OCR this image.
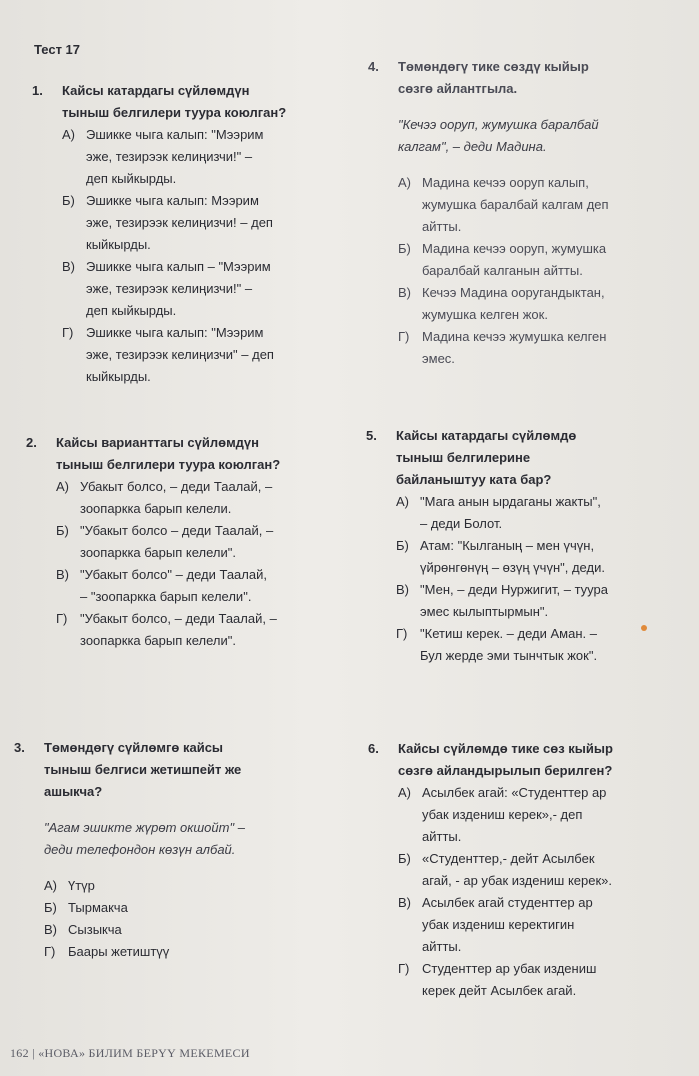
Тест 17
1. Кайсы катардагы сүйлөмдүн
тыныш белгилери туура коюлган?
А) Эшикке чыга калып: "Мээрим
эже, тезирээк келиңизчи!" –
деп кыйкырды.
Б) Эшикке чыга калып: Мээрим
эже, тезирээк келиңизчи! – деп
кыйкырды.
В) Эшикке чыга калып – "Мээрим
эже, тезирээк келиңизчи!" –
деп кыйкырды.
Г) Эшикке чыга калып: "Мээрим
эже, тезирээк келиңизчи" – деп
кыйкырды.
2. Кайсы варианттагы сүйлөмдүн
тыныш белгилери туура коюлган?
А) Убакыт болсо, – деди Таалай, –
зоопаркка барып келели.
Б) "Убакыт болсо – деди Таалай, –
зоопаркка барып келели".
В) "Убакыт болсо" – деди Таалай,
– "зоопаркка барып келели".
Г) "Убакыт болсо, – деди Таалай, –
зоопаркка барып келели".
3. Төмөндөгү сүйлөмгө кайсы
тыныш белгиси жетишпейт же
ашыкча?
"Агам эшикте жүрөт окшойт" –
деди телефондон көзүн албай.
А) Үтүр
Б) Тырмакча
В) Сызыкча
Г) Баары жетиштүү
4. Төмөндөгү тике сөздү кыйыр
сөзгө айлантгыла.
"Кечээ ооруп, жумушка баралбай
калгам", – деди Мадина.
А) Мадина кечээ ооруп калып,
жумушка баралбай калгам деп
айтты.
Б) Мадина кечээ ооруп, жумушка
баралбай калганын айтты.
В) Кечээ Мадина ооругандыктан,
жумушка келген жок.
Г) Мадина кечээ жумушка келген
эмес.
5. Кайсы катардагы сүйлөмдө
тыныш белгилерине
байланыштуу ката бар?
А) "Мага анын ырдаганы жакты",
– деди Болот.
Б) Атам: "Кылганың – мен үчүн,
үйрөнгөнүң – өзүң үчүн", деди.
В) "Мен, – деди Нуржигит, – туура
эмес кылыптырмын".
Г) "Кетиш керек. – деди Аман. –
Бул жерде эми тынчтык жок".
6. Кайсы сүйлөмдө тике сөз кыйыр
сөзгө айландырылып берилген?
А) Асылбек агай: «Студенттер ар
убак издениш керек»,- деп
айтты.
Б) «Студенттер,- дейт Асылбек
агай, - ар убак издениш керек».
В) Асылбек агай студенттер ар
убак издениш керектигин
айтты.
Г) Студенттер ар убак издениш
керек дейт Асылбек агай.
162 | «НОВА» БИЛИМ БЕРҮҮ МЕКЕМЕСИ
